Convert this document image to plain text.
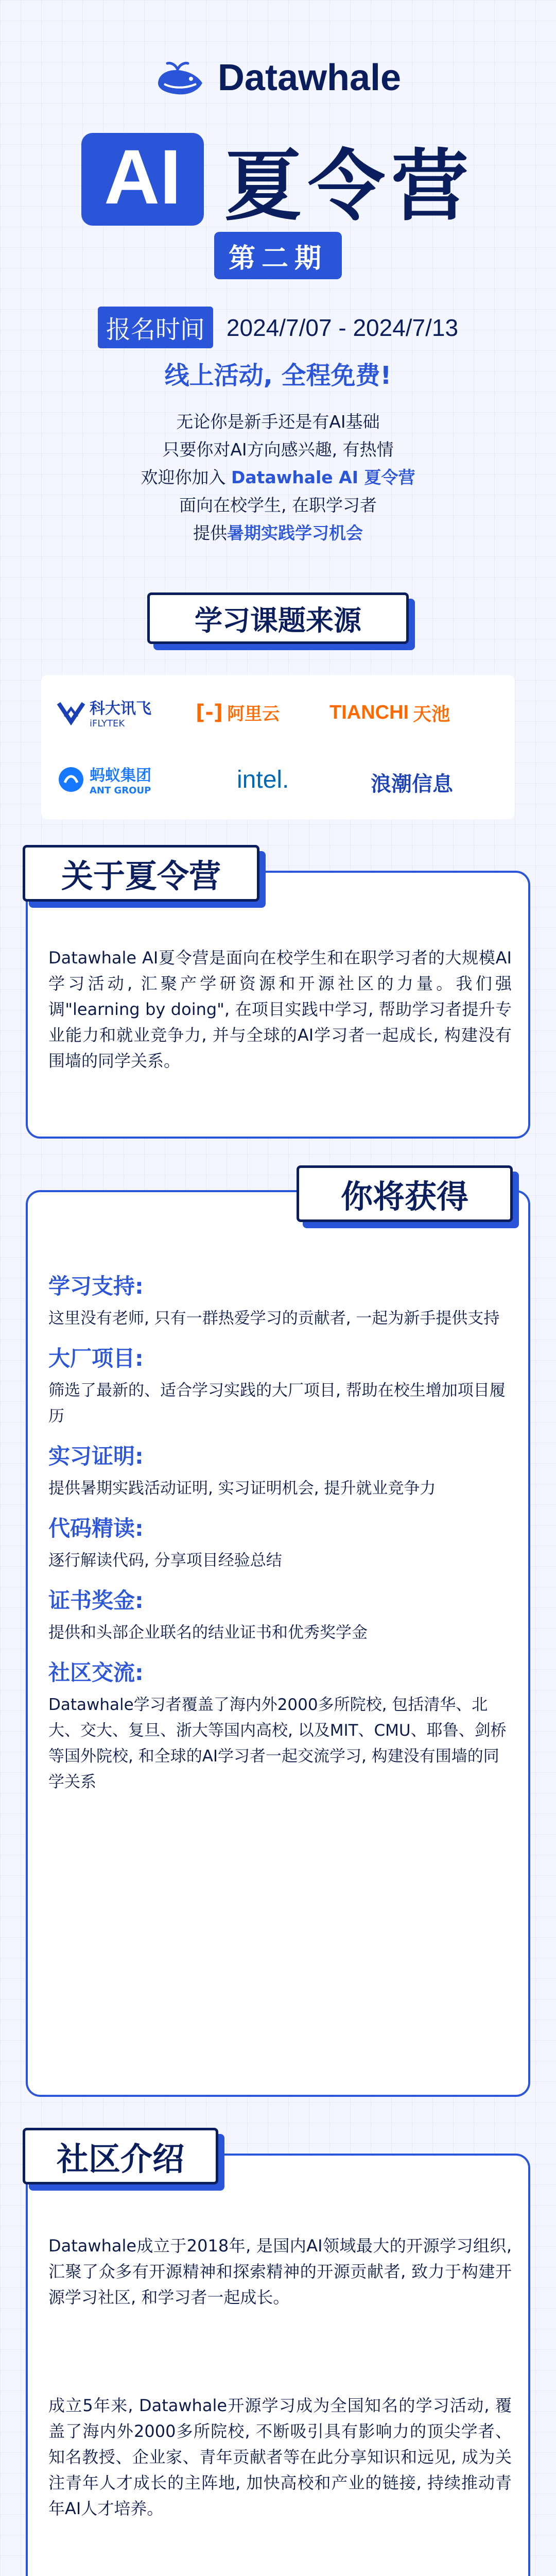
Datawhale
AI 夏令营
第二期
报名时间 2024/7/07 - 2024/7/13
线上活动, 全程免费!
无论你是新手还是有AI基础
只要你对AI方向感兴趣, 有热情
欢迎你加入 Datawhale AI 夏令营
面向在校学生, 在职学习者
提供暑期实践学习机会
学习课题来源
科大讯飞
iFLYTEK	[-] 阿里云	TIANCHI 天池
蚂蚁集团
ANT GROUP	intel.	浪潮信息
Datawhale AI夏令营是面向在校学生和在职学习者的大规模AI学习活动, 汇聚产学研资源和开源社区的力量。我们强调"learning by doing", 在项目实践中学习, 帮助学习者提升专业能力和就业竞争力, 并与全球的AI学习者一起成长, 构建没有围墙的同学关系。
关于夏令营
学习支持:
这里没有老师, 只有一群热爱学习的贡献者, 一起为新手提供支持
大厂项目:
筛选了最新的、适合学习实践的大厂项目, 帮助在校生增加项目履历
实习证明:
提供暑期实践活动证明, 实习证明机会, 提升就业竞争力
代码精读:
逐行解读代码, 分享项目经验总结
证书奖金:
提供和头部企业联名的结业证书和优秀奖学金
社区交流:
Datawhale学习者覆盖了海内外2000多所院校, 包括清华、北大、交大、复旦、浙大等国内高校, 以及MIT、CMU、耶鲁、剑桥等国外院校, 和全球的AI学习者一起交流学习, 构建没有围墙的同学关系
你将获得
Datawhale成立于2018年, 是国内AI领域最大的开源学习组织, 汇聚了众多有开源精神和探索精神的开源贡献者, 致力于构建开源学习社区, 和学习者一起成长。
成立5年来, Datawhale开源学习成为全国知名的学习活动, 覆盖了海内外2000多所院校, 不断吸引具有影响力的顶尖学者、知名教授、企业家、青年贡献者等在此分享知识和远见, 成为关注青年人才成长的主阵地, 加快高校和产业的链接, 持续推动青年AI人才培养。
社区介绍
